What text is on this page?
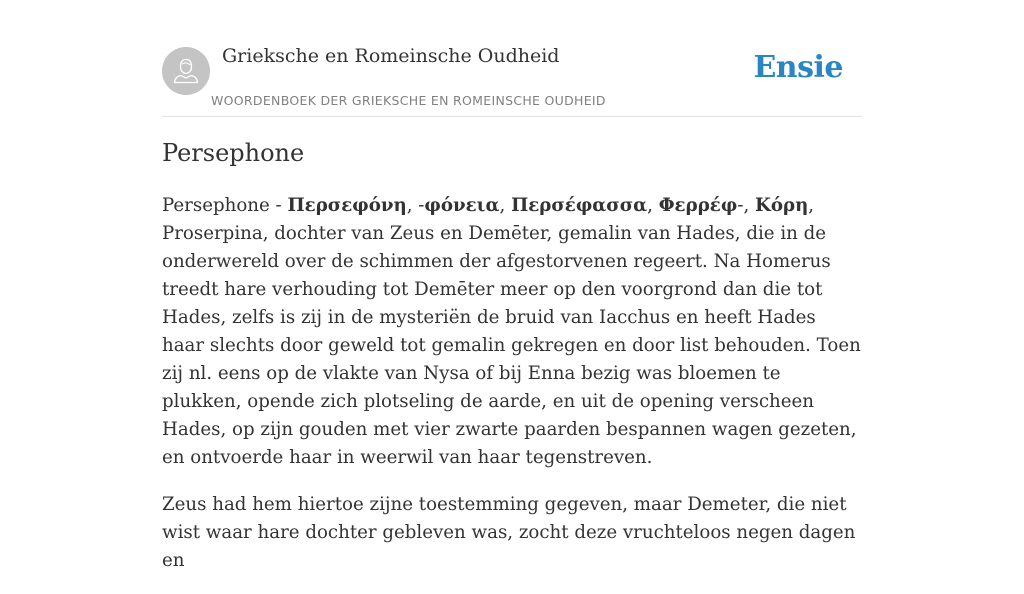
Grieksche en Romeinsche Oudheid
WOORDENBOEK DER GRIEKSCHE EN ROMEINSCHE OUDHEID
Ensie
Persephone

Persephone - Περσεφόνη, -φόνεια, Περσέφασσα, Φερρέφ-, Κόρη, Proserpina, dochter van Zeus en Demēter, gemalin van Hades, die in de onderwereld over de schimmen der afgestorvenen regeert. Na Homerus treedt hare verhouding tot Demēter meer op den voorgrond dan die tot Hades, zelfs is zij in de mysteriën de bruid van Iacchus en heeft Hades haar slechts door geweld tot gemalin gekregen en door list behouden. Toen zij nl. eens op de vlakte van Nysa of bij Enna bezig was bloemen te plukken, opende zich plotseling de aarde, en uit de opening verscheen Hades, op zijn gouden met vier zwarte paarden bespannen wagen gezeten, en ontvoerde haar in weerwil van haar tegenstreven.

Zeus had hem hiertoe zijne toestemming gegeven, maar Demeter, die niet wist waar hare dochter gebleven was, zocht deze vruchteloos negen dagen en
